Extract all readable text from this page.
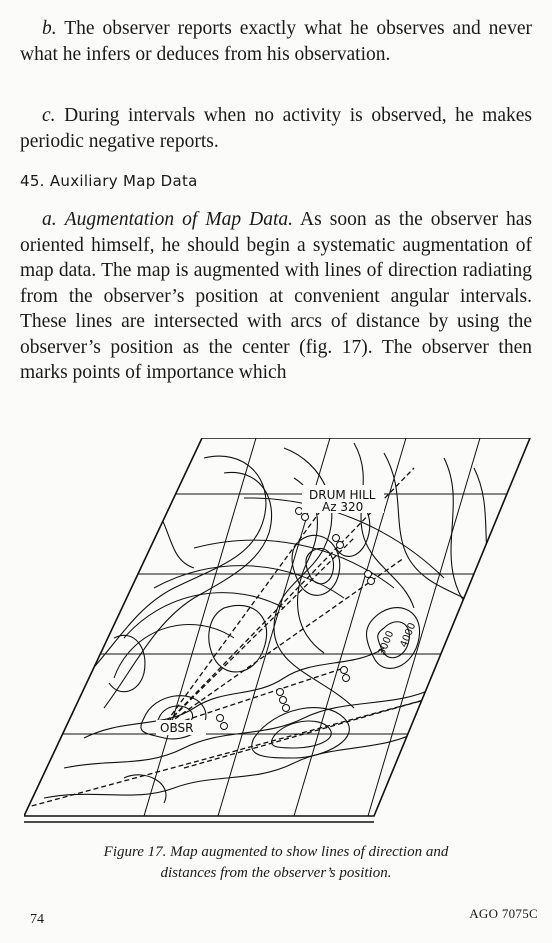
b. The observer reports exactly what he observes and never what he infers or deduces from his observation.

c. During intervals when no activity is observed, he makes periodic negative reports.

45. Auxiliary Map Data

a. Augmentation of Map Data. As soon as the observer has oriented himself, he should begin a systematic augmentation of map data. The map is augmented with lines of direction radiating from the observer’s position at convenient angular intervals. These lines are intersected with arcs of distance by using the observer’s position as the center (fig. 17). The observer then marks points of importance which

DRUM HILL
Az 320
OBSR
3000 4000
Figure 17. Map augmented to show lines of direction and
distances from the observer’s position.
74	AGO 7075C
